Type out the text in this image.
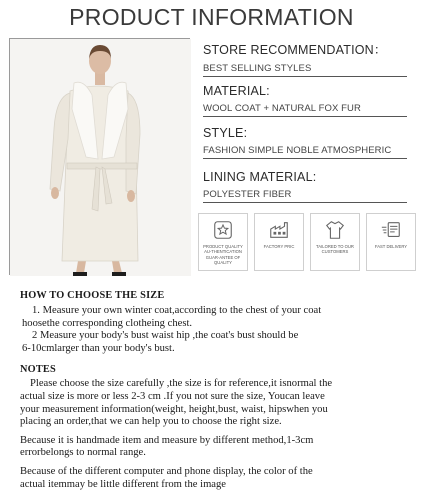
PRODUCT INFORMATION
STORE RECOMMENDATION：
BEST SELLING STYLES
MATERIAL:
WOOL COAT + NATURAL FOX FUR
STYLE:
FASHION SIMPLE NOBLE ATMOSPHERIC
LINING MATERIAL:
POLYESTER FIBER
PRODUCT QUALITY AU-THENTICATION GUAR-ANTEE OF QUALITY
FACTORY PRIC	TAILORED TO OUR CUSTOMERS
FAST DELIVERY
HOW TO CHOOSE THE SIZE
1. Measure your own winter coat,according to the chest of your coat
hoosethe corresponding clotheing chest.
2 Measure your body's bust waist hip ,the coat's bust should be
6-10cmlarger than your body's bust.
NOTES
Please choose the size carefully ,the size is for reference,it isnormal the
actual size is more or less 2-3 cm .If you not sure the size, Youcan leave
your measurement information(weight, height,bust, waist, hipswhen you
placing an order,that we can help you to choose the right size.
Because it is handmade item and measure by different method,1-3cm
errorbelongs to normal range.
Because of the different computer and phone display, the color of the
actual itemmay be little different from the image
